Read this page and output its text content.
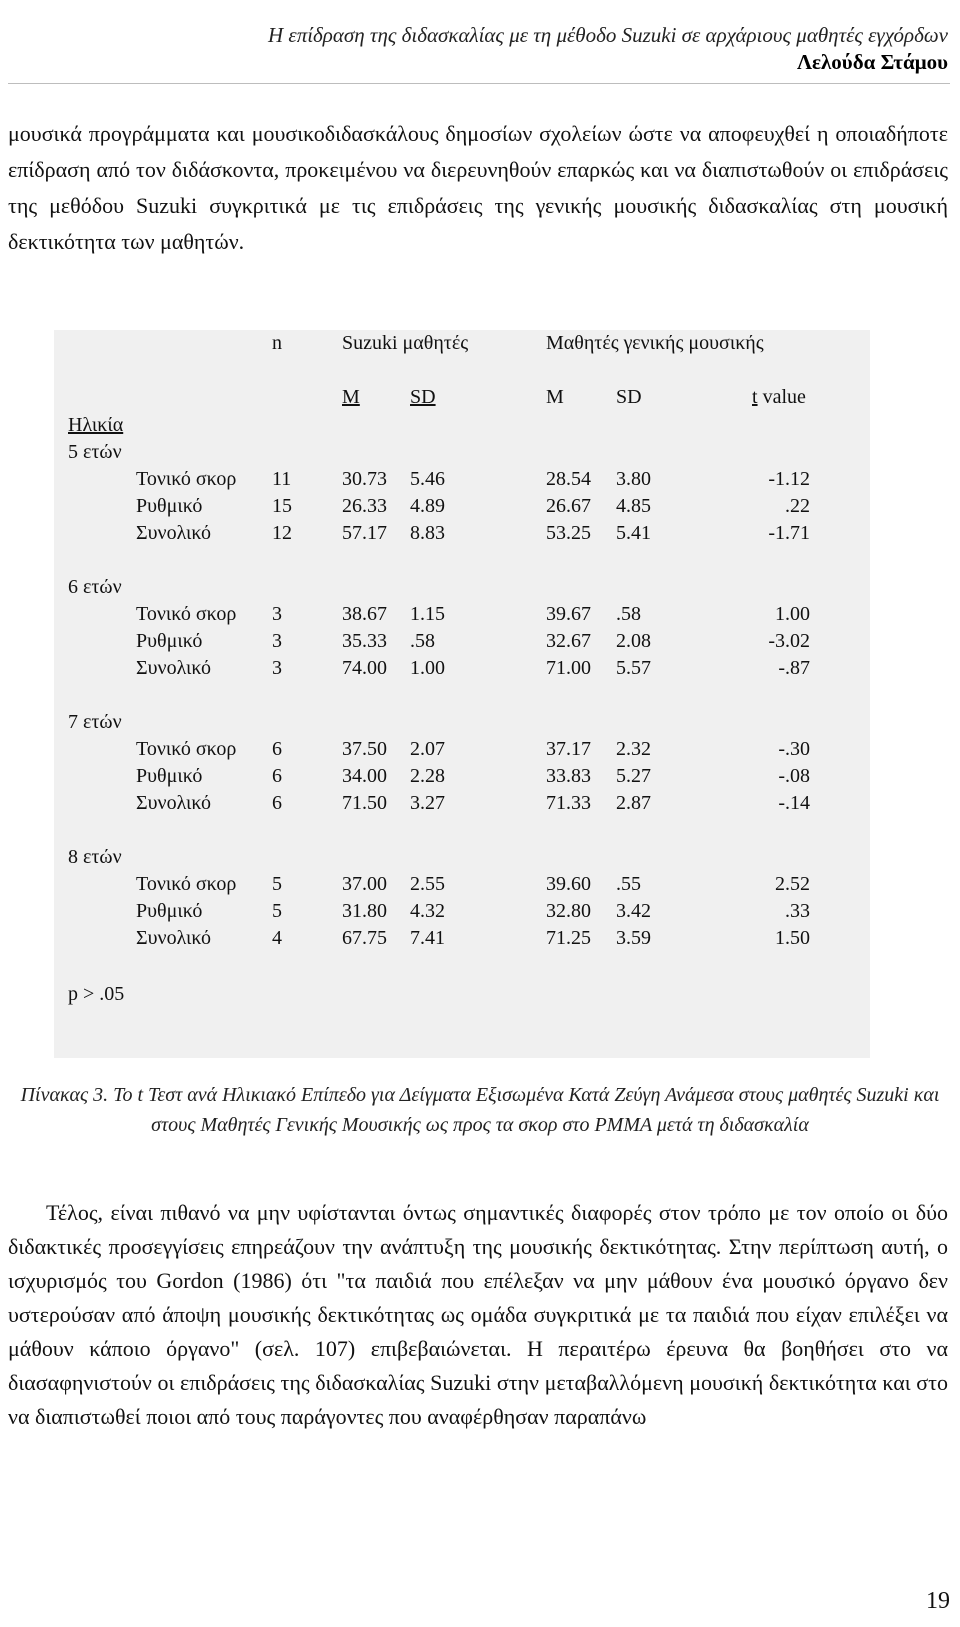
Η επίδραση της διδασκαλίας με τη μέθοδο Suzuki σε αρχάριους μαθητές εγχόρδων
Λελούδα Στάμου

μουσικά προγράμματα και μουσικοδιδασκάλους δημοσίων σχολείων ώστε να αποφευχθεί η οποιαδήποτε επίδραση από τον διδάσκοντα, προκειμένου να διερευνηθούν επαρκώς και να διαπιστωθούν οι επιδράσεις της μεθόδου Suzuki συγκριτικά με τις επιδράσεις της γενικής μουσικής διδασκαλίας στη μουσική δεκτικότητα των μαθητών.

n	Suzuki μαθητές	Μαθητές γενικής μουσικής
M	SD	M	SD	t value
Ηλικία
5 ετών
Τονικό σκορ 11	30.73 5.46	28.54 3.80	-1.12
Ρυθμικό	15	26.33 4.89	26.67 4.85	.22
Συνολικό	12	57.17 8.83	53.25 5.41	-1.71
6 ετών
Τονικό σκορ 3	38.67 1.15	39.67 .58	1.00
Ρυθμικό	3	35.33 .58	32.67 2.08	-3.02
Συνολικό	3	74.00 1.00	71.00 5.57	-.87
7 ετών
Τονικό σκορ 6	37.50 2.07	37.17 2.32	-.30
Ρυθμικό	6	34.00 2.28	33.83 5.27	-.08
Συνολικό	6	71.50 3.27	71.33 2.87	-.14
8 ετών
Τονικό σκορ 5	37.00 2.55	39.60 .55	2.52
Ρυθμικό	5	31.80 4.32	32.80 3.42	.33
Συνολικό	4	67.75 7.41	71.25 3.59	1.50
p > .05
Πίνακας 3. Το t Τεστ ανά Ηλικιακό Επίπεδο για Δείγματα Εξισωμένα Κατά Ζεύγη Ανάμεσα στους μαθητές Suzuki και στους Μαθητές Γενικής Μουσικής ως προς τα σκορ στο PMMA μετά τη διδασκαλία

Τέλος, είναι πιθανό να μην υφίστανται όντως σημαντικές διαφορές στον τρόπο με τον οποίο οι δύο διδακτικές προσεγγίσεις επηρεάζουν την ανάπτυξη της μουσικής δεκτικότητας. Στην περίπτωση αυτή, ο ισχυρισμός του Gordon (1986) ότι "τα παιδιά που επέλεξαν να μην μάθουν ένα μουσικό όργανο δεν υστερούσαν από άποψη μουσικής δεκτικότητας ως ομάδα συγκριτικά με τα παιδιά που είχαν επιλέξει να μάθουν κάποιο όργανο" (σελ. 107) επιβεβαιώνεται. Η περαιτέρω έρευνα θα βοηθήσει στο να διασαφηνιστούν οι επιδράσεις της διδασκαλίας Suzuki στην μεταβαλλόμενη μουσική δεκτικότητα και στο να διαπιστωθεί ποιοι από τους παράγοντες που αναφέρθησαν παραπάνω

19
